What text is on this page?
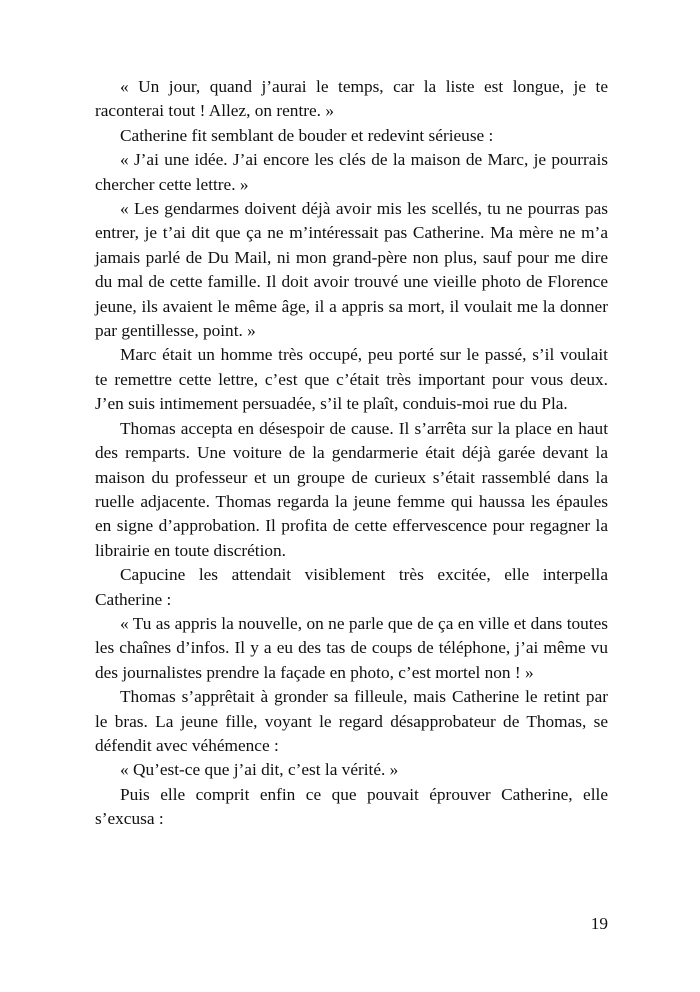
« Un jour, quand j’aurai le temps, car la liste est longue, je te raconterai tout ! Allez, on rentre. »

Catherine fit semblant de bouder et redevint sérieuse :

« J’ai une idée. J’ai encore les clés de la maison de Marc, je pourrais chercher cette lettre. »

« Les gendarmes doivent déjà avoir mis les scellés, tu ne pourras pas entrer, je t’ai dit que ça ne m’intéressait pas Catherine. Ma mère ne m’a jamais parlé de Du Mail, ni mon grand-père non plus, sauf pour me dire du mal de cette famille. Il doit avoir trouvé une vieille photo de Florence jeune, ils avaient le même âge, il a appris sa mort, il voulait me la donner par gentillesse, point. »

Marc était un homme très occupé, peu porté sur le passé, s’il voulait te remettre cette lettre, c’est que c’était très important pour vous deux. J’en suis intimement persuadée, s’il te plaît, conduis-moi rue du Pla.

Thomas accepta en désespoir de cause. Il s’arrêta sur la place en haut des remparts. Une voiture de la gendarmerie était déjà garée devant la maison du professeur et un groupe de curieux s’était rassemblé dans la ruelle adjacente. Thomas regarda la jeune femme qui haussa les épaules en signe d’approbation. Il profita de cette effervescence pour regagner la librairie en toute discrétion.

Capucine les attendait visiblement très excitée, elle interpella Catherine :

« Tu as appris la nouvelle, on ne parle que de ça en ville et dans toutes les chaînes d’infos. Il y a eu des tas de coups de téléphone, j’ai même vu des journalistes prendre la façade en photo, c’est mortel non ! »

Thomas s’apprêtait à gronder sa filleule, mais Catherine le retint par le bras. La jeune fille, voyant le regard désapprobateur de Thomas, se défendit avec véhémence :

« Qu’est-ce que j’ai dit, c’est la vérité. »

Puis elle comprit enfin ce que pouvait éprouver Catherine, elle s’excusa :

19
